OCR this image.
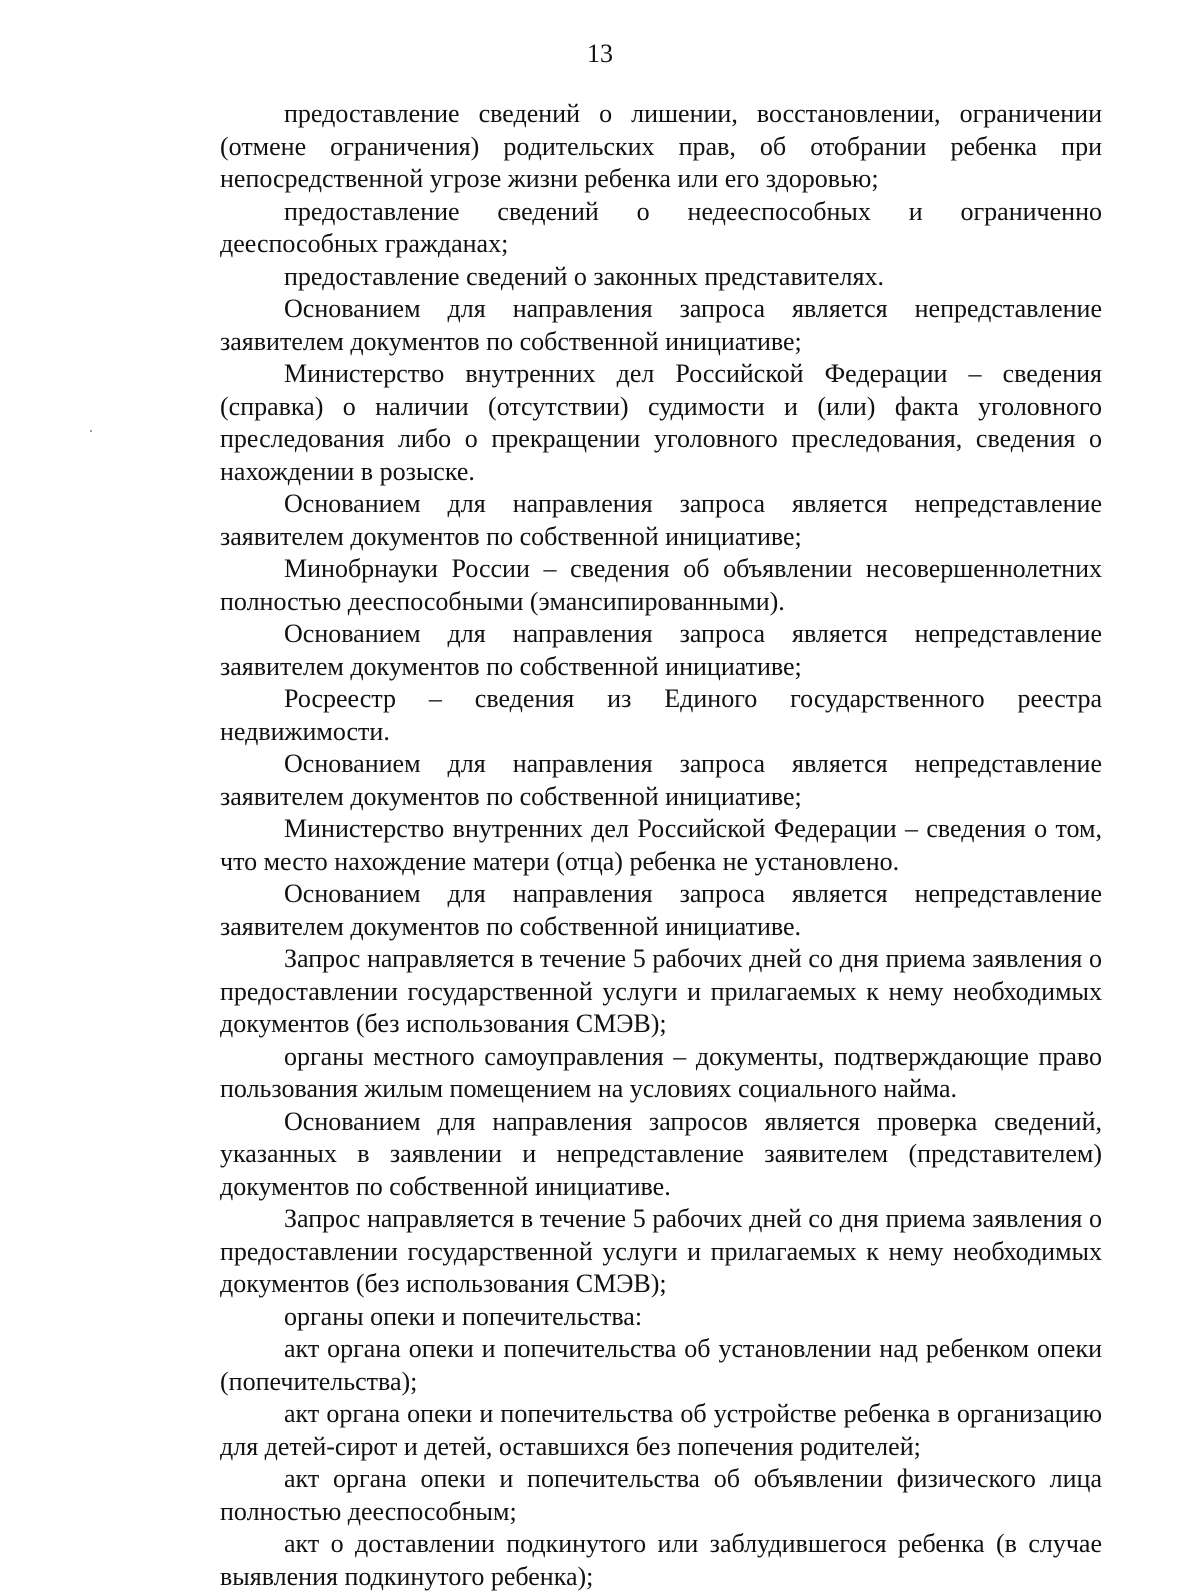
13

предоставление сведений о лишении, восстановлении, ограничении (отмене ограничения) родительских прав, об отобрании ребенка при непосредственной угрозе жизни ребенка или его здоровью;

предоставление сведений о недееспособных и ограниченно дееспособных гражданах;

предоставление сведений о законных представителях.

Основанием для направления запроса является непредставление заявителем документов по собственной инициативе;

Министерство внутренних дел Российской Федерации – сведения (справка) о наличии (отсутствии) судимости и (или) факта уголовного преследования либо о прекращении уголовного преследования, сведения о нахождении в розыске.

Основанием для направления запроса является непредставление заявителем документов по собственной инициативе;

Минобрнауки России – сведения об объявлении несовершеннолетних полностью дееспособными (эмансипированными).

Основанием для направления запроса является непредставление заявителем документов по собственной инициативе;

Росреестр – сведения из Единого государственного реестра недвижимости.

Основанием для направления запроса является непредставление заявителем документов по собственной инициативе;

Министерство внутренних дел Российской Федерации – сведения о том, что место нахождение матери (отца) ребенка не установлено.

Основанием для направления запроса является непредставление заявителем документов по собственной инициативе.

Запрос направляется в течение 5 рабочих дней со дня приема заявления о предоставлении государственной услуги и прилагаемых к нему необходимых документов (без использования СМЭВ);

органы местного самоуправления – документы, подтверждающие право пользования жилым помещением на условиях социального найма.

Основанием для направления запросов является проверка сведений, указанных в заявлении и непредставление заявителем (представителем) документов по собственной инициативе.

Запрос направляется в течение 5 рабочих дней со дня приема заявления о предоставлении государственной услуги и прилагаемых к нему необходимых документов (без использования СМЭВ);

органы опеки и попечительства:

акт органа опеки и попечительства об установлении над ребенком опеки (попечительства);

акт органа опеки и попечительства об устройстве ребенка в организацию для детей-сирот и детей, оставшихся без попечения родителей;

акт органа опеки и попечительства об объявлении физического лица полностью дееспособным;

акт о доставлении подкинутого или заблудившегося ребенка (в случае выявления подкинутого ребенка);
